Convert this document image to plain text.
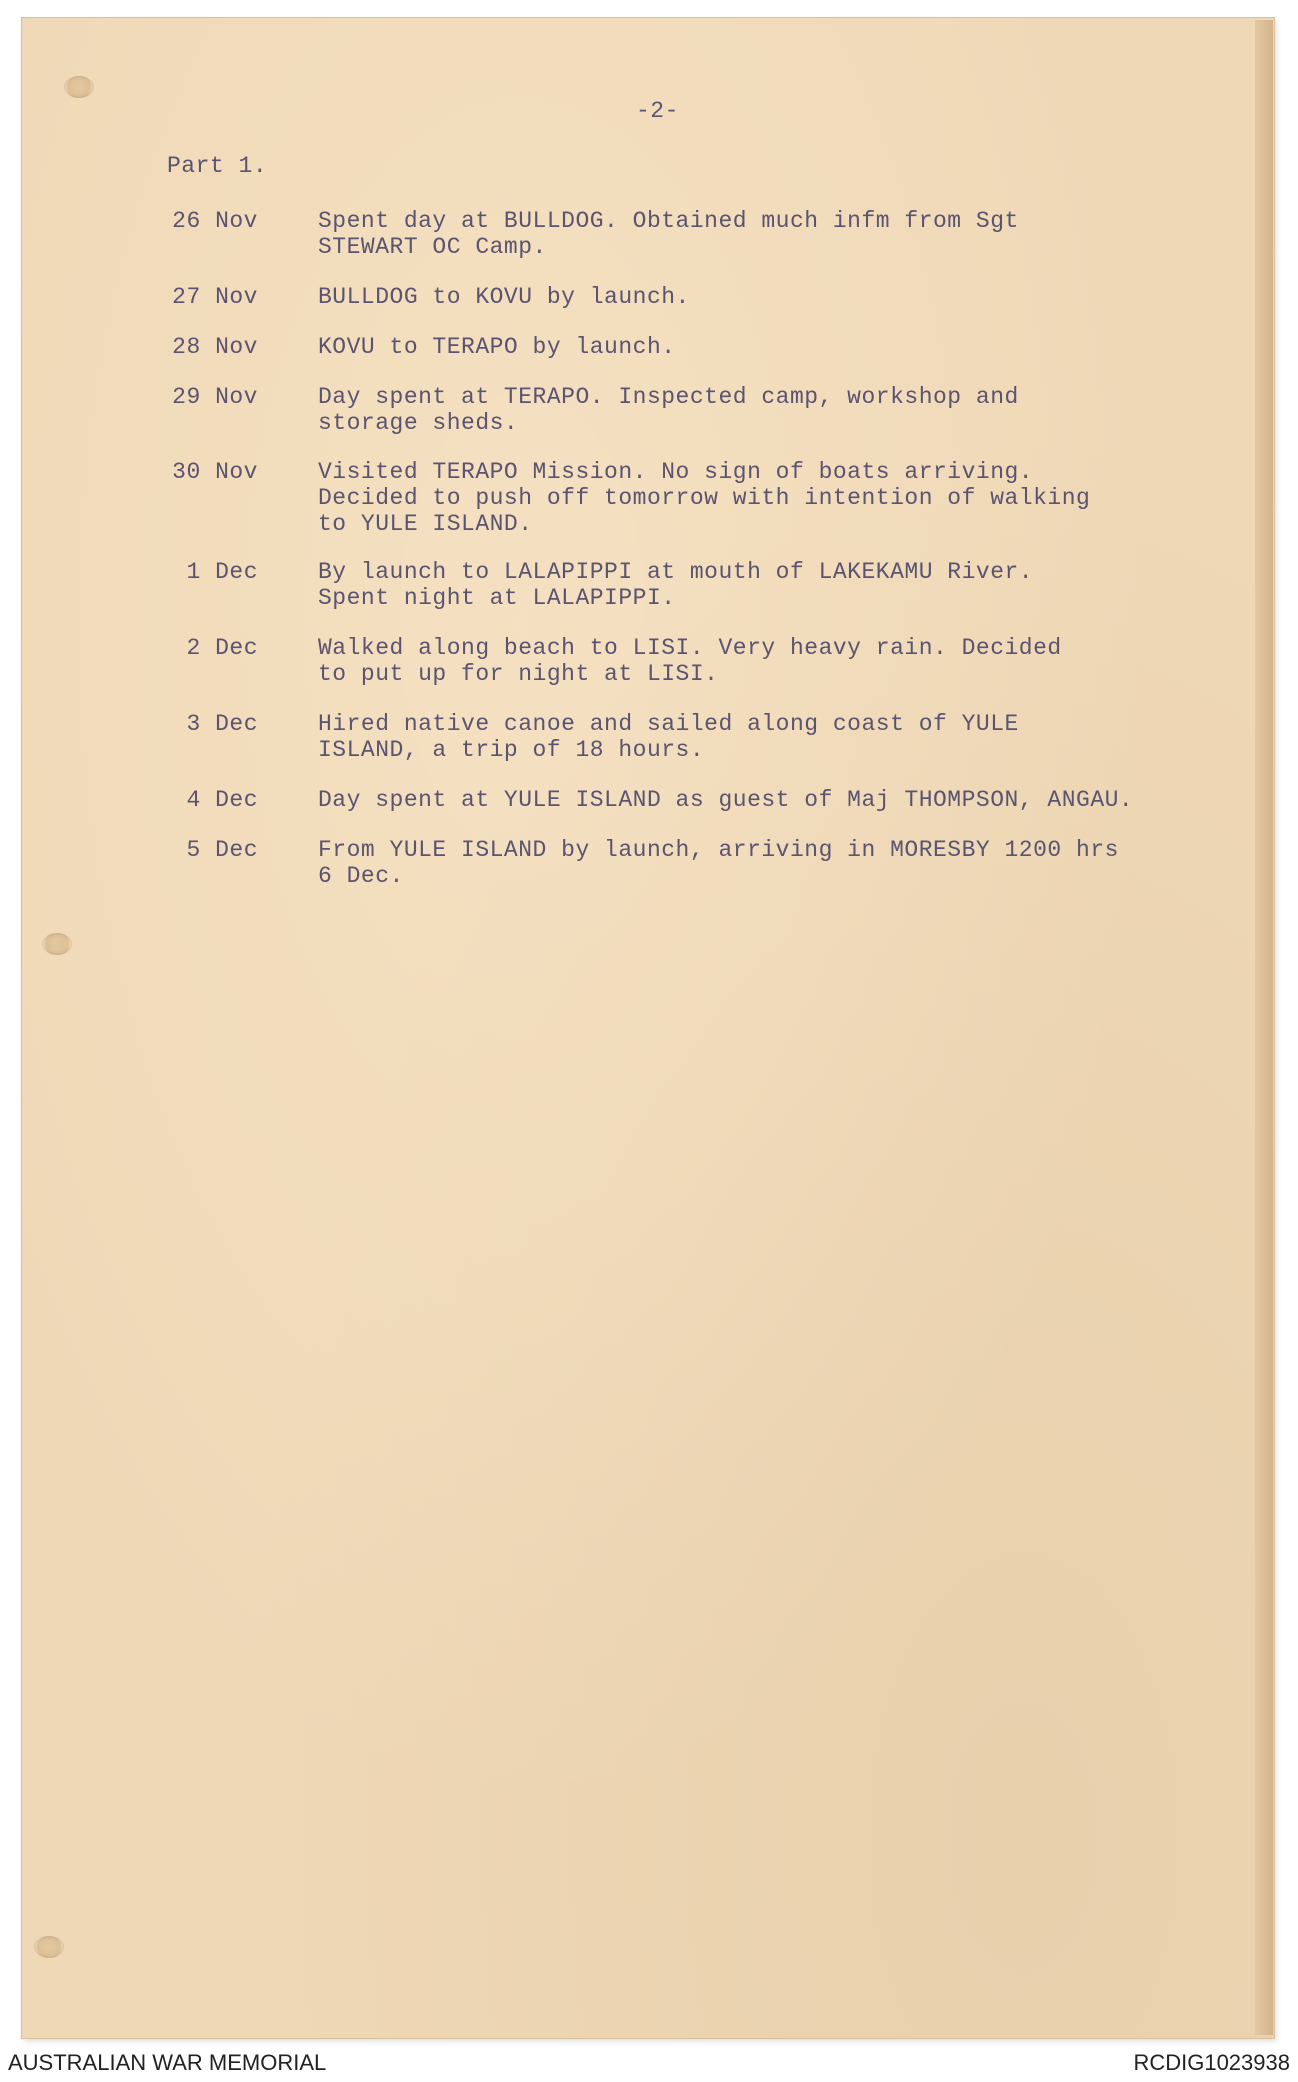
-2-
Part 1.
26 Nov	Spent day at BULLDOG. Obtained much infm from Sgt
STEWART OC Camp.
27 Nov	BULLDOG to KOVU by launch.
28 Nov	KOVU to TERAPO by launch.
29 Nov	Day spent at TERAPO. Inspected camp, workshop and
storage sheds.
30 Nov	Visited TERAPO Mission. No sign of boats arriving.
Decided to push off tomorrow with intention of walking
to YULE ISLAND.
1 Dec	By launch to LALAPIPPI at mouth of LAKEKAMU River.
Spent night at LALAPIPPI.
2 Dec	Walked along beach to LISI. Very heavy rain. Decided
to put up for night at LISI.
3 Dec	Hired native canoe and sailed along coast of YULE
ISLAND, a trip of 18 hours.
4 Dec	Day spent at YULE ISLAND as guest of Maj THOMPSON, ANGAU.
5 Dec	From YULE ISLAND by launch, arriving in MORESBY 1200 hrs
6 Dec.
AUSTRALIAN WAR MEMORIAL	RCDIG1023938
